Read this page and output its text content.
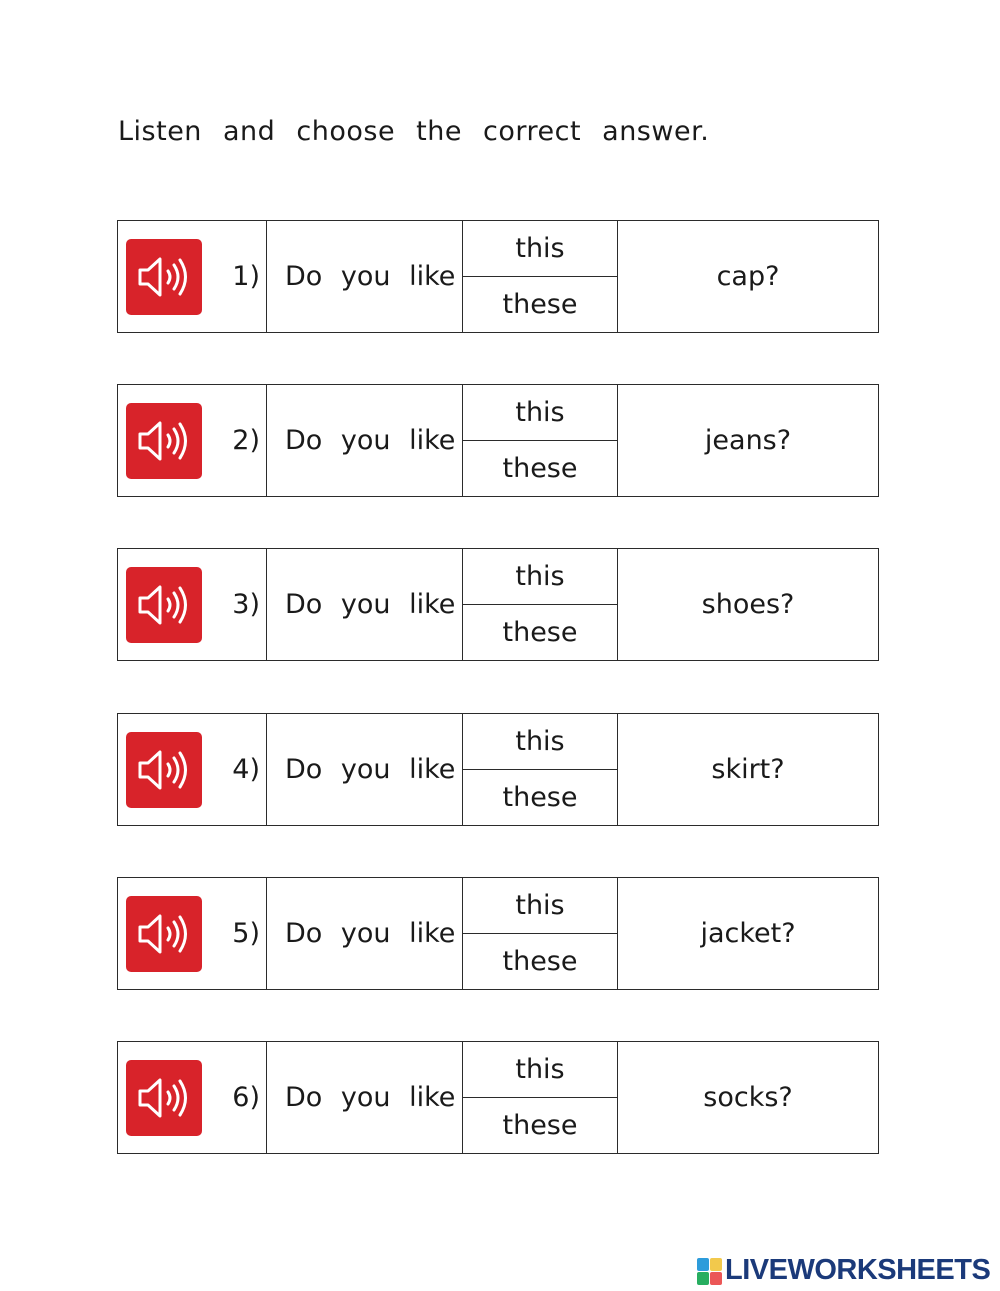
Listen and choose the correct answer.
1) Do you like
this
these
cap?
2) Do you like
this
these
jeans?
3) Do you like
this
these
shoes?
4) Do you like
this
these
skirt?
5) Do you like
this
these
jacket?
6) Do you like
this
these
socks?
LIVEWORKSHEETS
